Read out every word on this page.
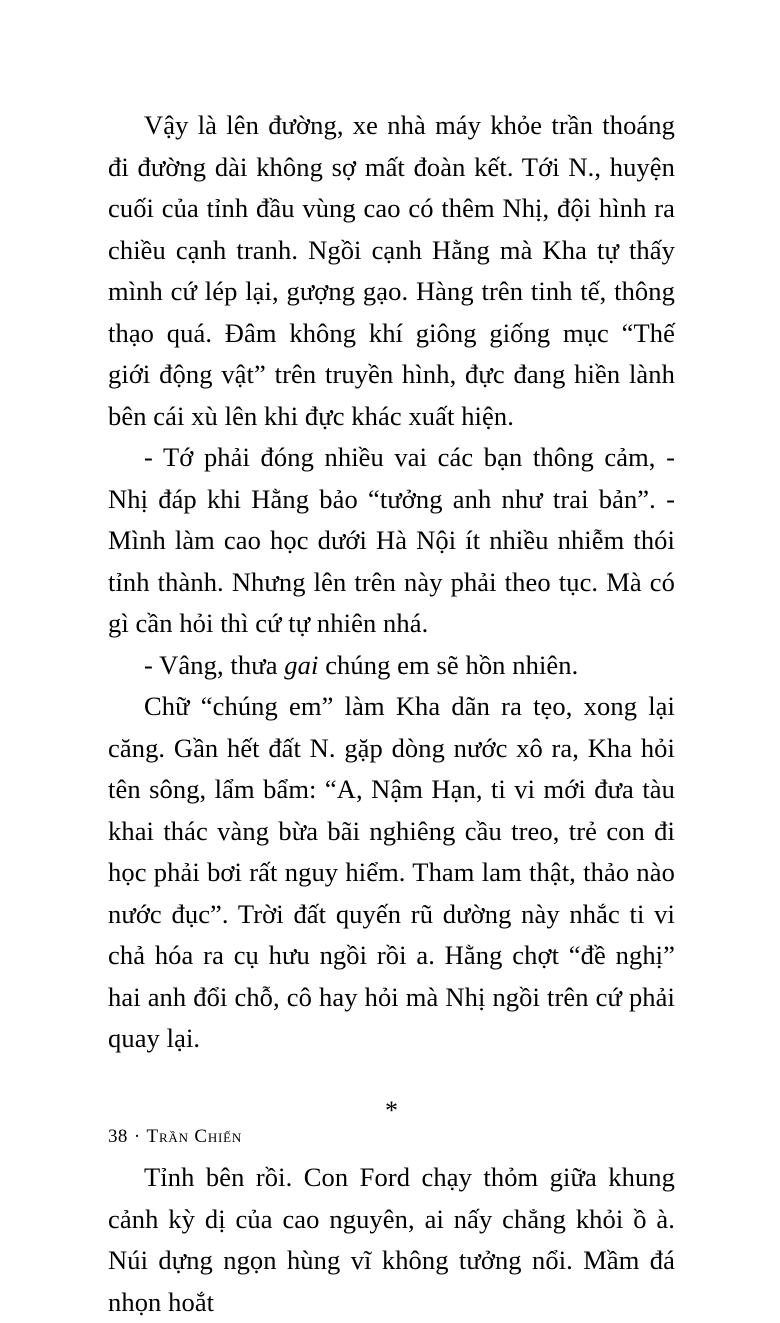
Vậy là lên đường, xe nhà máy khỏe trần thoáng đi đường dài không sợ mất đoàn kết. Tới N., huyện cuối của tỉnh đầu vùng cao có thêm Nhị, đội hình ra chiều cạnh tranh. Ngồi cạnh Hằng mà Kha tự thấy mình cứ lép lại, gượng gạo. Hàng trên tinh tế, thông thạo quá. Đâm không khí giông giống mục “Thế giới động vật” trên truyền hình, đực đang hiền lành bên cái xù lên khi đực khác xuất hiện.

- Tớ phải đóng nhiều vai các bạn thông cảm, - Nhị đáp khi Hằng bảo “tưởng anh như trai bản”. - Mình làm cao học dưới Hà Nội ít nhiều nhiễm thói tỉnh thành. Nhưng lên trên này phải theo tục. Mà có gì cần hỏi thì cứ tự nhiên nhá.

- Vâng, thưa gai chúng em sẽ hồn nhiên.

Chữ “chúng em” làm Kha dãn ra tẹo, xong lại căng. Gần hết đất N. gặp dòng nước xô ra, Kha hỏi tên sông, lẩm bẩm: “A, Nậm Hạn, ti vi mới đưa tàu khai thác vàng bừa bãi nghiêng cầu treo, trẻ con đi học phải bơi rất nguy hiểm. Tham lam thật, thảo nào nước đục”. Trời đất quyến rũ dường này nhắc ti vi chả hóa ra cụ hưu ngồi rồi a. Hằng chợt “đề nghị” hai anh đổi chỗ, cô hay hỏi mà Nhị ngồi trên cứ phải quay lại.

*

Tỉnh bên rồi. Con Ford chạy thỏm giữa khung cảnh kỳ dị của cao nguyên, ai nấy chẳng khỏi ồ à. Núi dựng ngọn hùng vĩ không tưởng nổi. Mầm đá nhọn hoắt

38 · Trần Chiến
